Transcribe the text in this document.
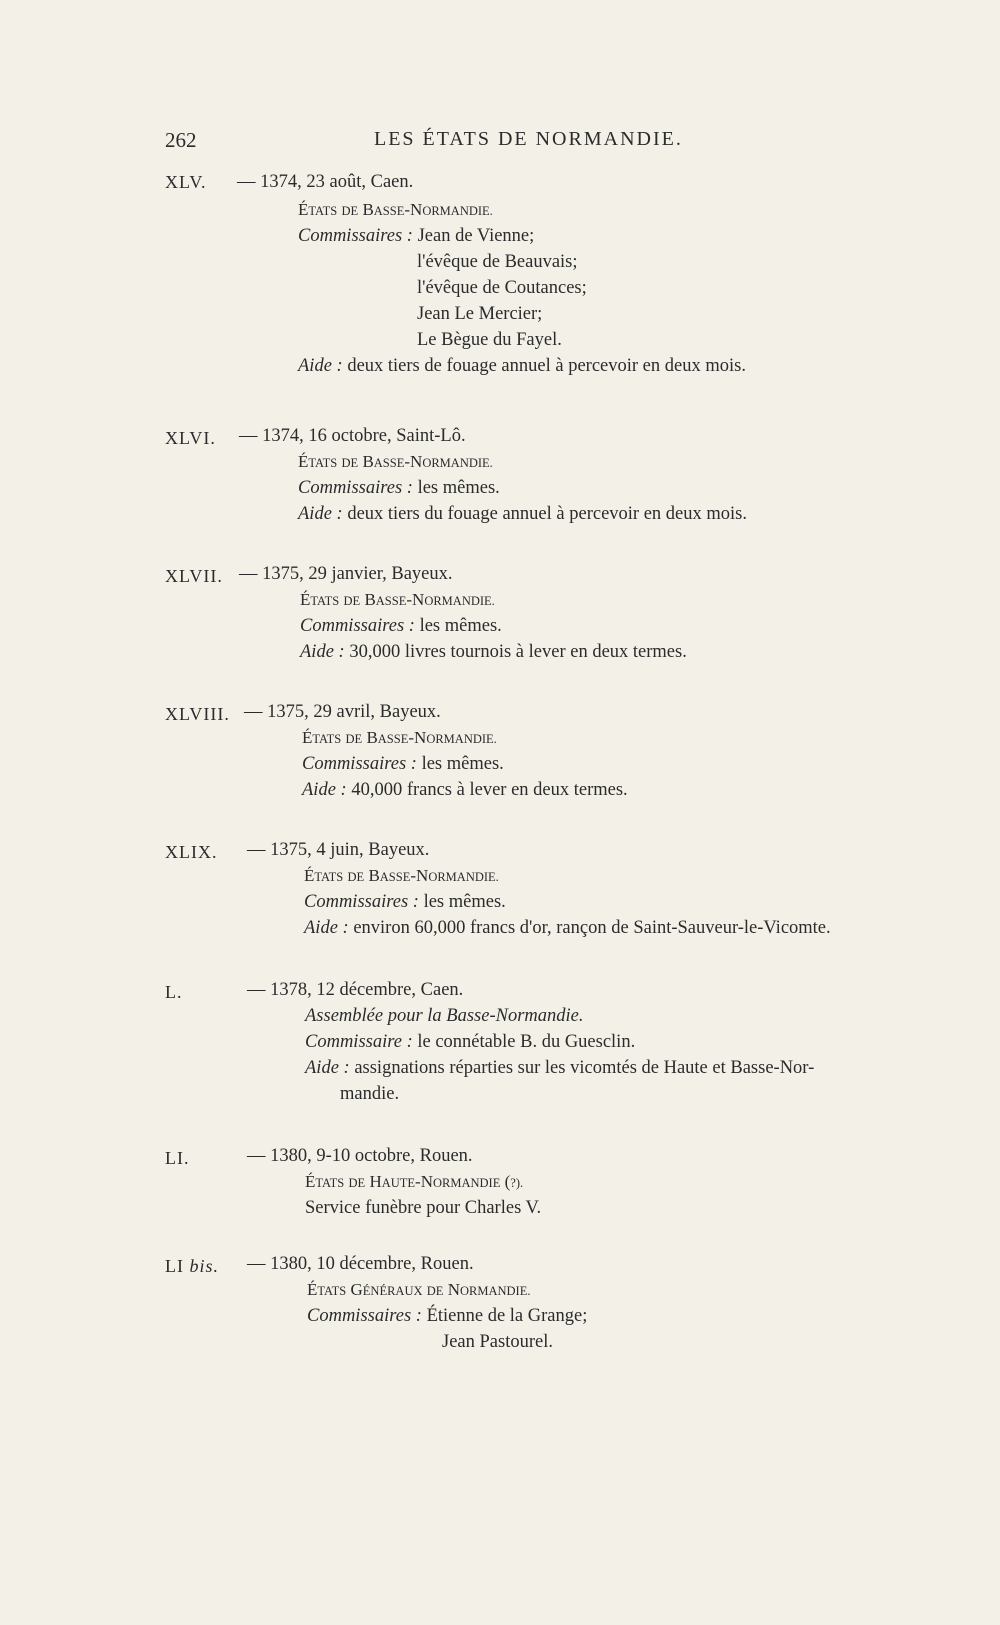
262	LES ÉTATS DE NORMANDIE.
XLV. — 1374, 23 août, Caen.
ÉTATS DE BASSE-NORMANDIE.
Commissaires : Jean de Vienne;
l'évêque de Beauvais;
l'évêque de Coutances;
Jean Le Mercier;
Le Bègue du Fayel.
Aide : deux tiers de fouage annuel à percevoir en deux mois.
XLVI. — 1374, 16 octobre, Saint-Lô.
ÉTATS DE BASSE-NORMANDIE.
Commissaires : les mêmes.
Aide : deux tiers du fouage annuel à percevoir en deux mois.
XLVII. — 1375, 29 janvier, Bayeux.
ÉTATS DE BASSE-NORMANDIE.
Commissaires : les mêmes.
Aide : 30,000 livres tournois à lever en deux termes.
XLVIII. — 1375, 29 avril, Bayeux.
ÉTATS DE BASSE-NORMANDIE.
Commissaires : les mêmes.
Aide : 40,000 francs à lever en deux termes.
XLIX. — 1375, 4 juin, Bayeux.
ÉTATS DE BASSE-NORMANDIE.
Commissaires : les mêmes.
Aide : environ 60,000 francs d'or, rançon de Saint-Sauveur-le-Vicomte.
L.	— 1378, 12 décembre, Caen.
Assemblée pour la Basse-Normandie.
Commissaire : le connétable B. du Guesclin.
Aide : assignations réparties sur les vicomtés de Haute et Basse-Nor-
mandie.
LI.	— 1380, 9-10 octobre, Rouen.
ÉTATS DE HAUTE-NORMANDIE (?).
Service funèbre pour Charles V.
LI bis. — 1380, 10 décembre, Rouen.
ÉTATS GÉNÉRAUX DE NORMANDIE.
Commissaires : Étienne de la Grange;
Jean Pastourel.
